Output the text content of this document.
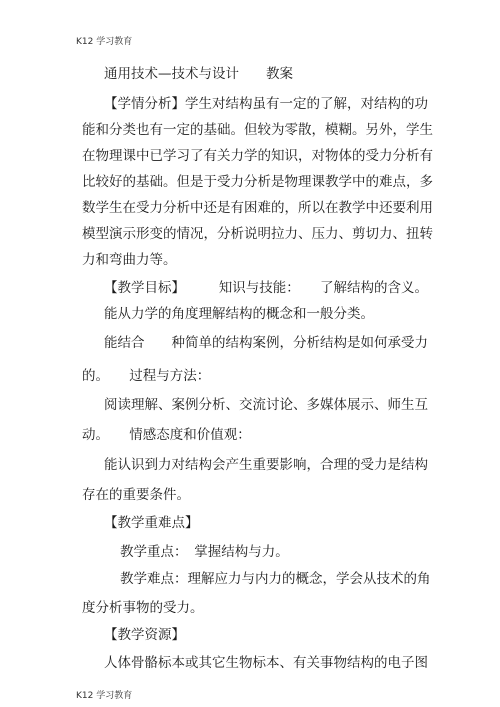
K12 学习教育
通用技术—技术与设计　　教案
【学情分析】学生对结构虽有一定的了解，对结构的功
能和分类也有一定的基础。但较为零散，模糊。另外，学生
在物理课中已学习了有关力学的知识，对物体的受力分析有
比较好的基础。但是于受力分析是物理课教学中的难点，多
数学生在受力分析中还是有困难的，所以在教学中还要利用
模型演示形变的情况，分析说明拉力、压力、剪切力、扭转
力和弯曲力等。
【教学目标】　　　知识与技能：　　了解结构的含义。
能从力学的角度理解结构的概念和一般分类。
能结合　　种简单的结构案例，分析结构是如何承受力
的。　　过程与方法：
阅读理解、案例分析、交流讨论、多媒体展示、师生互
动。　　情感态度和价值观：
能认识到力对结构会产生重要影响，合理的受力是结构
存在的重要条件。
【教学重难点】
教学重点：　掌握结构与力。
教学难点：理解应力与内力的概念，学会从技术的角
度分析事物的受力。
【教学资源】
人体骨骼标本或其它生物标本、有关事物结构的电子图
K12 学习教育
